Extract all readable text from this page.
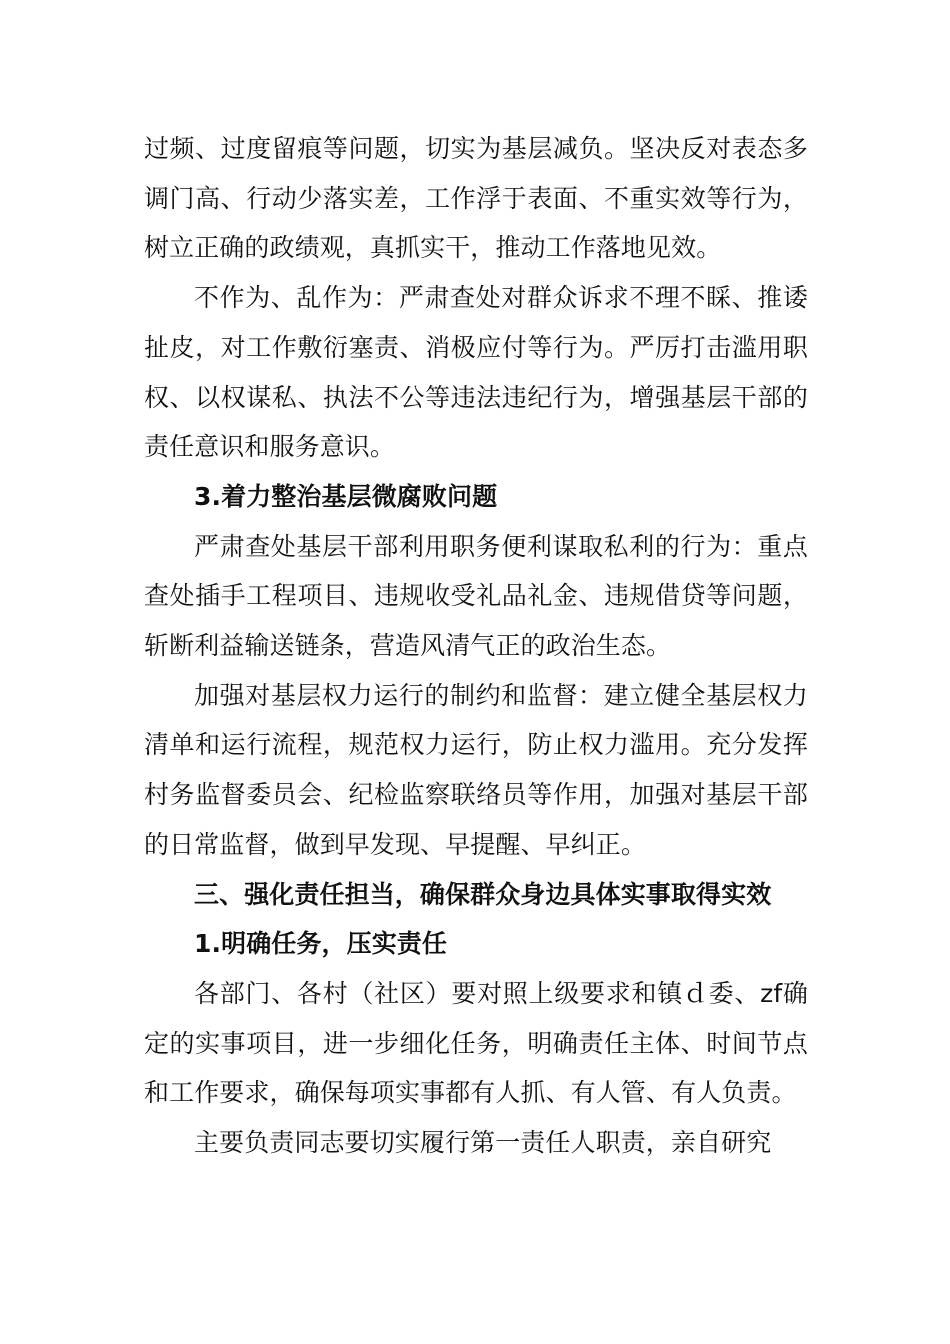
过频、过度留痕等问题，切实为基层减负。坚决反对表态多调门高、行动少落实差，工作浮于表面、不重实效等行为，树立正确的政绩观，真抓实干，推动工作落地见效。

不作为、乱作为：严肃查处对群众诉求不理不睬、推诿扯皮，对工作敷衍塞责、消极应付等行为。严厉打击滥用职权、以权谋私、执法不公等违法违纪行为，增强基层干部的责任意识和服务意识。

3.着力整治基层微腐败问题

严肃查处基层干部利用职务便利谋取私利的行为：重点查处插手工程项目、违规收受礼品礼金、违规借贷等问题，斩断利益输送链条，营造风清气正的政治生态。

加强对基层权力运行的制约和监督：建立健全基层权力清单和运行流程，规范权力运行，防止权力滥用。充分发挥村务监督委员会、纪检监察联络员等作用，加强对基层干部的日常监督，做到早发现、早提醒、早纠正。

三、强化责任担当，确保群众身边具体实事取得实效

1.明确任务，压实责任

各部门、各村（社区）要对照上级要求和镇ｄ委、zf确定的实事项目，进一步细化任务，明确责任主体、时间节点和工作要求，确保每项实事都有人抓、有人管、有人负责。

主要负责同志要切实履行第一责任人职责，亲自研究
